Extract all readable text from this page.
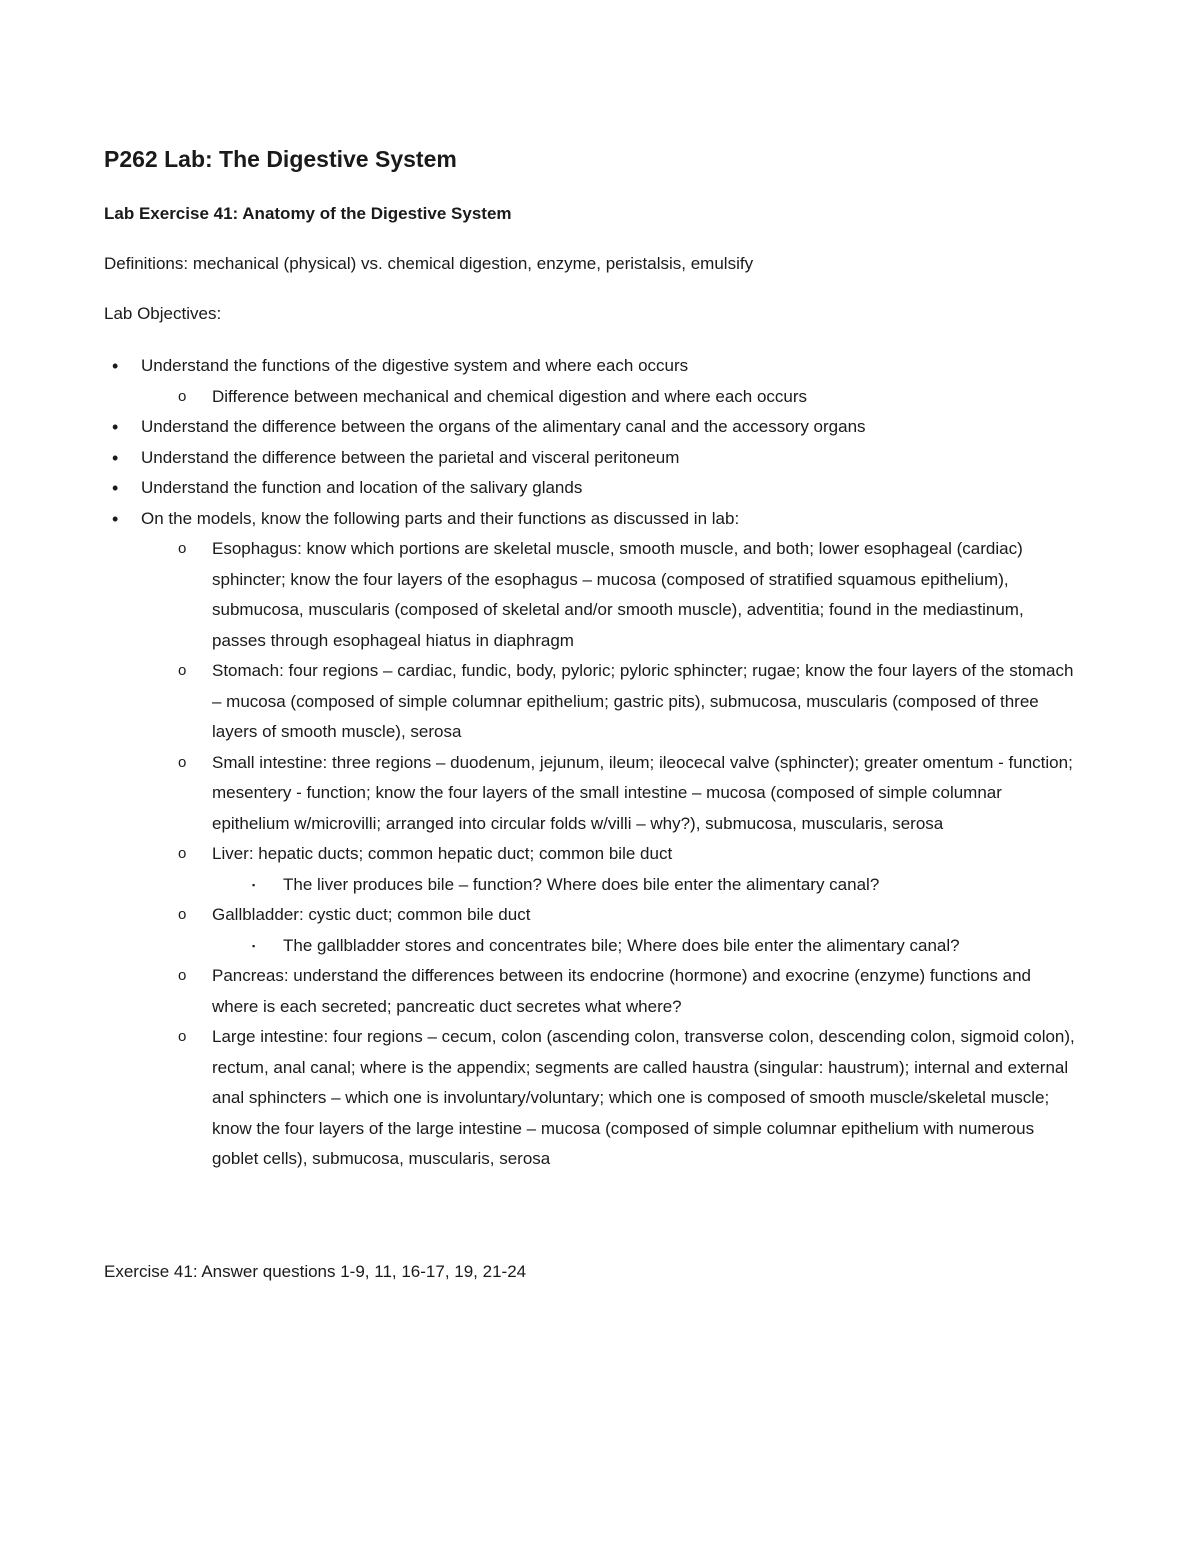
P262 Lab: The Digestive System
Lab Exercise 41: Anatomy of the Digestive System

Definitions: mechanical (physical) vs. chemical digestion, enzyme, peristalsis, emulsify

Lab Objectives:

• Understand the functions of the digestive system and where each occurs
o Difference between mechanical and chemical digestion and where each occurs
• Understand the difference between the organs of the alimentary canal and the accessory organs
• Understand the difference between the parietal and visceral peritoneum
• Understand the function and location of the salivary glands
• On the models, know the following parts and their functions as discussed in lab:
o Esophagus: know which portions are skeletal muscle, smooth muscle, and both; lower esophageal (cardiac) sphincter; know the four layers of the esophagus – mucosa (composed of stratified squamous epithelium), submucosa, muscularis (composed of skeletal and/or smooth muscle), adventitia; found in the mediastinum, passes through esophageal hiatus in diaphragm
o Stomach: four regions – cardiac, fundic, body, pyloric; pyloric sphincter; rugae; know the four layers of the stomach – mucosa (composed of simple columnar epithelium; gastric pits), submucosa, muscularis (composed of three layers of smooth muscle), serosa
o Small intestine: three regions – duodenum, jejunum, ileum; ileocecal valve (sphincter); greater omentum - function; mesentery - function; know the four layers of the small intestine – mucosa (composed of simple columnar epithelium w/microvilli; arranged into circular folds w/villi – why?), submucosa, muscularis, serosa
o Liver: hepatic ducts; common hepatic duct; common bile duct
▪ The liver produces bile – function? Where does bile enter the alimentary canal?
o Gallbladder: cystic duct; common bile duct
▪ The gallbladder stores and concentrates bile; Where does bile enter the alimentary canal?
o Pancreas: understand the differences between its endocrine (hormone) and exocrine (enzyme) functions and where is each secreted; pancreatic duct secretes what where?
o Large intestine: four regions – cecum, colon (ascending colon, transverse colon, descending colon, sigmoid colon), rectum, anal canal; where is the appendix; segments are called haustra (singular: haustrum); internal and external anal sphincters – which one is involuntary/voluntary; which one is composed of smooth muscle/skeletal muscle; know the four layers of the large intestine – mucosa (composed of simple columnar epithelium with numerous goblet cells), submucosa, muscularis, serosa

Exercise 41: Answer questions 1-9, 11, 16-17, 19, 21-24
